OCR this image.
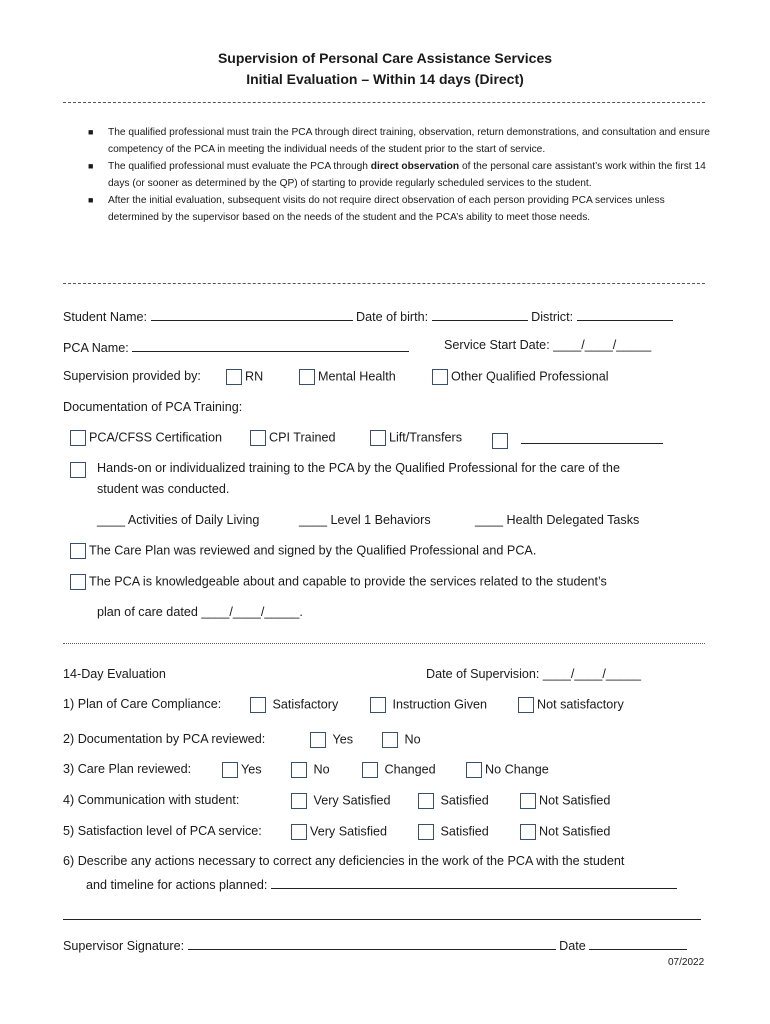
Supervision of Personal Care Assistance Services
Initial Evaluation – Within 14 days (Direct)
■ The qualified professional must train the PCA through direct training, observation, return demonstrations, and consultation and ensure competency of the PCA in meeting the individual needs of the student prior to the start of service.
■ The qualified professional must evaluate the PCA through direct observation of the personal care assistant’s work within the first 14 days (or sooner as determined by the QP) of starting to provide regularly scheduled services to the student.
■ After the initial evaluation, subsequent visits do not require direct observation of each person providing PCA services unless determined by the supervisor based on the needs of the student and the PCA’s ability to meet those needs.
Student Name:	Date of birth:	District:
PCA Name:	Service Start Date: ____/____/_____
Supervision provided by:	RN	Mental Health	Other Qualified Professional
Documentation of PCA Training:
PCA/CFSS Certification	CPI Trained	Lift/Transfers

Hands-on or individualized training to the PCA by the Qualified Professional for the care of the
student was conducted.
____ Activities of Daily Living	____ Level 1 Behaviors	____ Health Delegated Tasks
The Care Plan was reviewed and signed by the Qualified Professional and PCA.
The PCA is knowledgeable about and capable to provide the services related to the student’s
plan of care dated ____/____/_____.
14-Day Evaluation	Date of Supervision: ____/____/_____
1) Plan of Care Compliance:	Satisfactory	Instruction Given	Not satisfactory
2) Documentation by PCA reviewed:	Yes	No
3) Care Plan reviewed:	Yes	No	Changed	No Change
4) Communication with student:	Very Satisfied	Satisfied	Not Satisfied
5) Satisfaction level of PCA service:	Very Satisfied	Satisfied	Not Satisfied
6) Describe any actions necessary to correct any deficiencies in the work of the PCA with the student
and timeline for actions planned:
Supervisor Signature:	Date
07/2022
